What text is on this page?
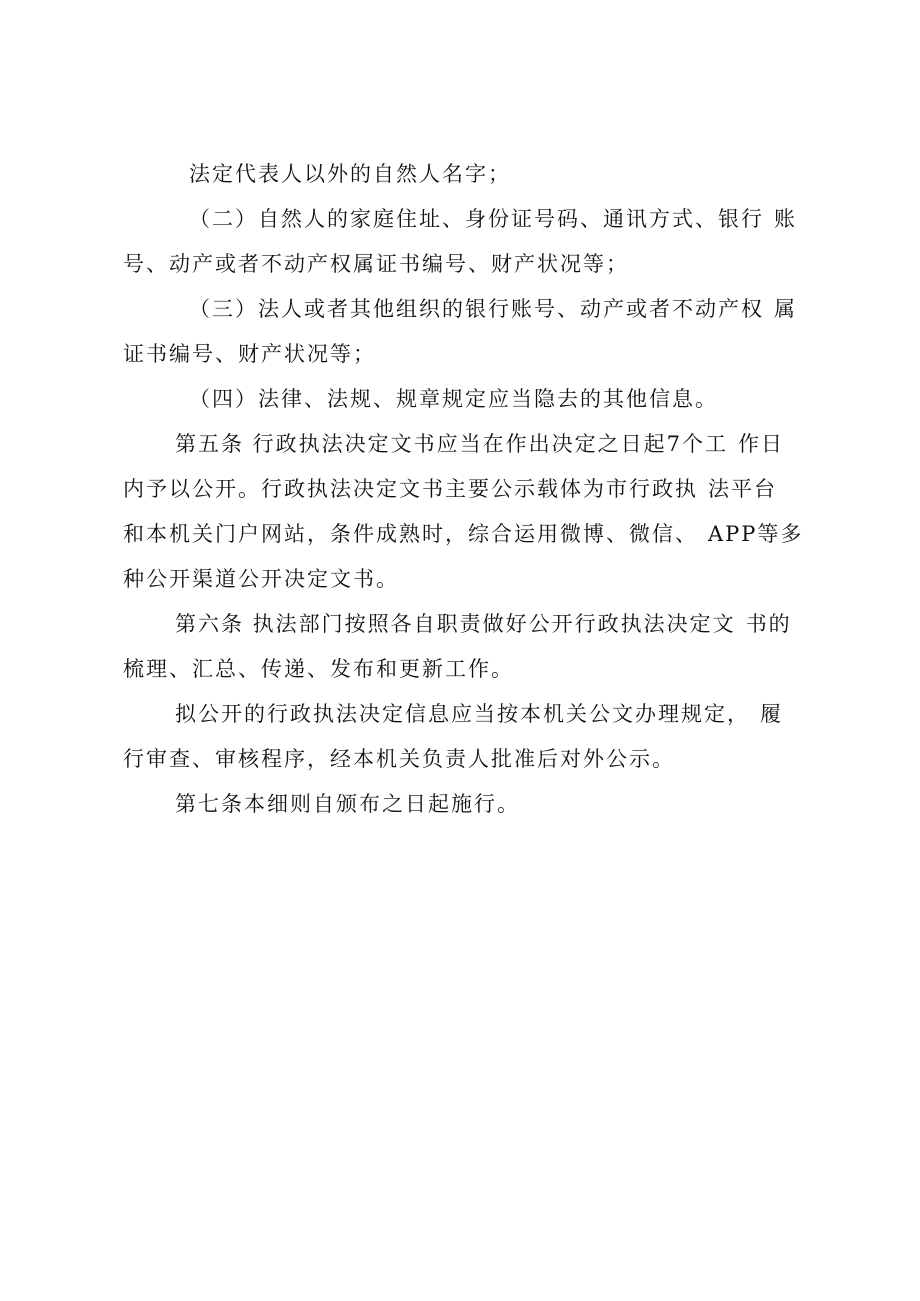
法定代表人以外的自然人名字；
（二）自然人的家庭住址、身份证号码、通讯方式、银行 账
号、动产或者不动产权属证书编号、财产状况等；
（三）法人或者其他组织的银行账号、动产或者不动产权 属
证书编号、财产状况等；
（四）法律、法规、规章规定应当隐去的其他信息。
第五条 行政执法决定文书应当在作出决定之日起7个工 作日
内予以公开。行政执法决定文书主要公示载体为市行政执 法平台
和本机关门户网站，条件成熟时，综合运用微博、微信、 APP等多
种公开渠道公开决定文书。
第六条 执法部门按照各自职责做好公开行政执法决定文 书的
梳理、汇总、传递、发布和更新工作。
拟公开的行政执法决定信息应当按本机关公文办理规定， 履
行审查、审核程序，经本机关负责人批准后对外公示。
第七条本细则自颁布之日起施行。
